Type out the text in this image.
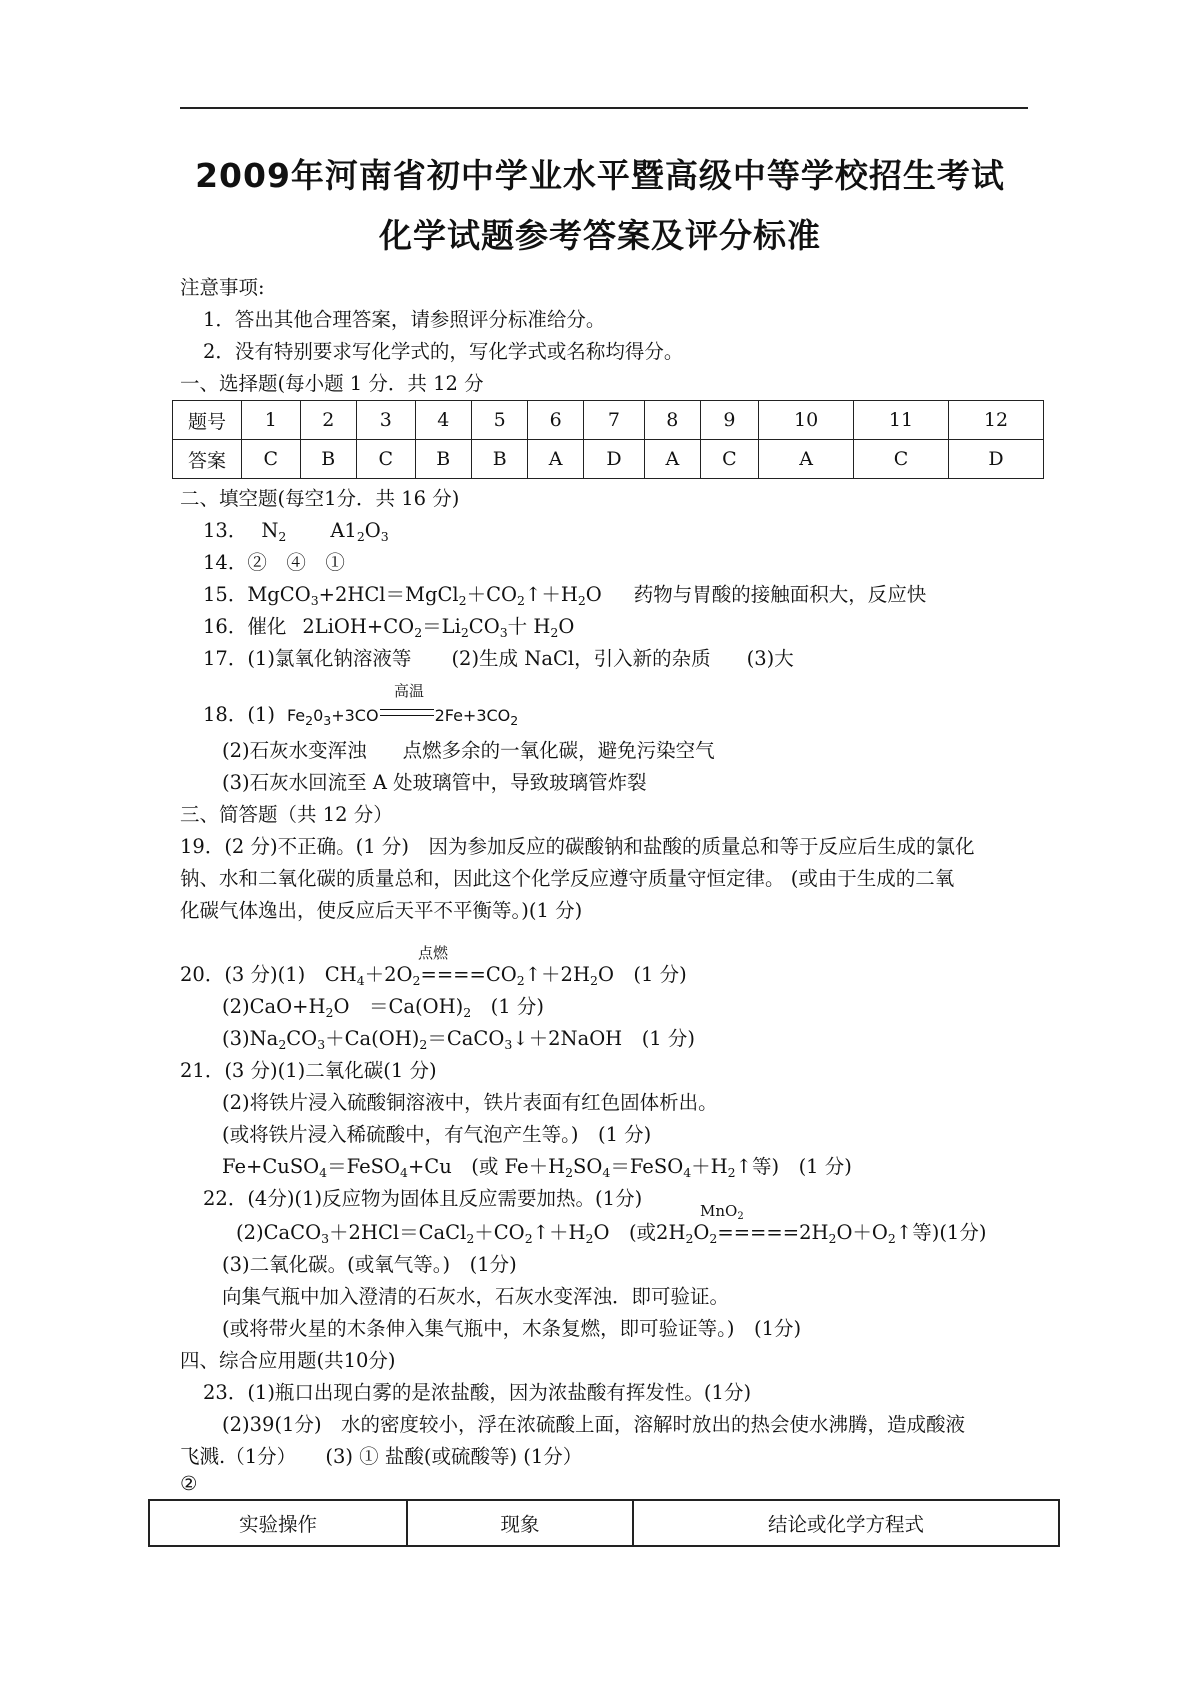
2009年河南省初中学业水平暨高级中等学校招生考试
化学试题参考答案及评分标准
注意事项:
1．答出其他合理答案，请参照评分标准给分。
2．没有特别要求写化学式的，写化学式或名称均得分。
一、选择题(每小题 1 分．共 12 分
题号	1	2	3	4	5	6	7	8	9	10	11	12
答案	C	B	C	B	B	A	D	A	C	A	C	D
二、填空题(每空1分．共 16 分)
13． $N_2$ $A1_2O_3$
14．②　④　①
15．$MgCO_3+2HCl=MgCl_2+CO_2↑+H_2O$ 药物与胃酸的接触面积大，反应快
16．催化 $2LiOH+CO_2=Li_2CO_3$十 $H_2O$
17．(1)氯氧化钠溶液等 (2)生成 NaCl，引入新的杂质 (3)大
高温
18．(1) $Fe_20_3+3CO$	$2Fe+3CO_2$
(2)石灰水变浑浊 点燃多余的一氧化碳，避免污染空气
(3)石灰水回流至 A 处玻璃管中，导致玻璃管炸裂
三、简答题（共 12 分）
19．(2 分)不正确。(1 分)　因为参加反应的碳酸钠和盐酸的质量总和等于反应后生成的氯化
钠、水和二氧化碳的质量总和，因此这个化学反应遵守质量守恒定律。 (或由于生成的二氧
化碳气体逸出，使反应后天平不平衡等。)(1 分)
点燃
20．(3 分)(1)　$CH_4+2O_2====CO_2↑+2H_2O$　(1 分)
$(2)CaO+H_2O$　$=Ca(OH)_2$　(1 分)
$(3)Na_2CO_3+Ca(OH)_2=CaCO_3↓+2NaOH$　(1 分)
21．(3 分)(1)二氧化碳(1 分)
(2)将铁片浸入硫酸铜溶液中，铁片表面有红色固体析出。
(或将铁片浸入稀硫酸中，有气泡产生等。)　(1 分)
Fe+CuSO$_4$＝FeSO$_4$+Cu　(或 $Fe+H_2SO_4=FeSO_4+H_2↑$等)　(1 分)
22．(4分)(1)反应物为固体且反应需要加热。(1分)
MnO$_2$
$(2)CaCO_3+2HCl=CaCl_2+CO_2↑+H_2O$　(或$2H_2O_2=====2H_2O+O_2↑$等)(1分)
(3)二氧化碳。(或氧气等。)　(1分)
向集气瓶中加入澄清的石灰水，石灰水变浑浊．即可验证。
(或将带火星的木条伸入集气瓶中，木条复燃，即可验证等。)　(1分)
四、综合应用题(共10分)
23．(1)瓶口出现白雾的是浓盐酸，因为浓盐酸有挥发性。(1分)
(2)39(1分)　水的密度较小，浮在浓硫酸上面，溶解时放出的热会使水沸腾，造成酸液
飞溅.（1分）　　(3) ① 盐酸(或硫酸等) (1分）
②
实验操作	现象	结论或化学方程式
